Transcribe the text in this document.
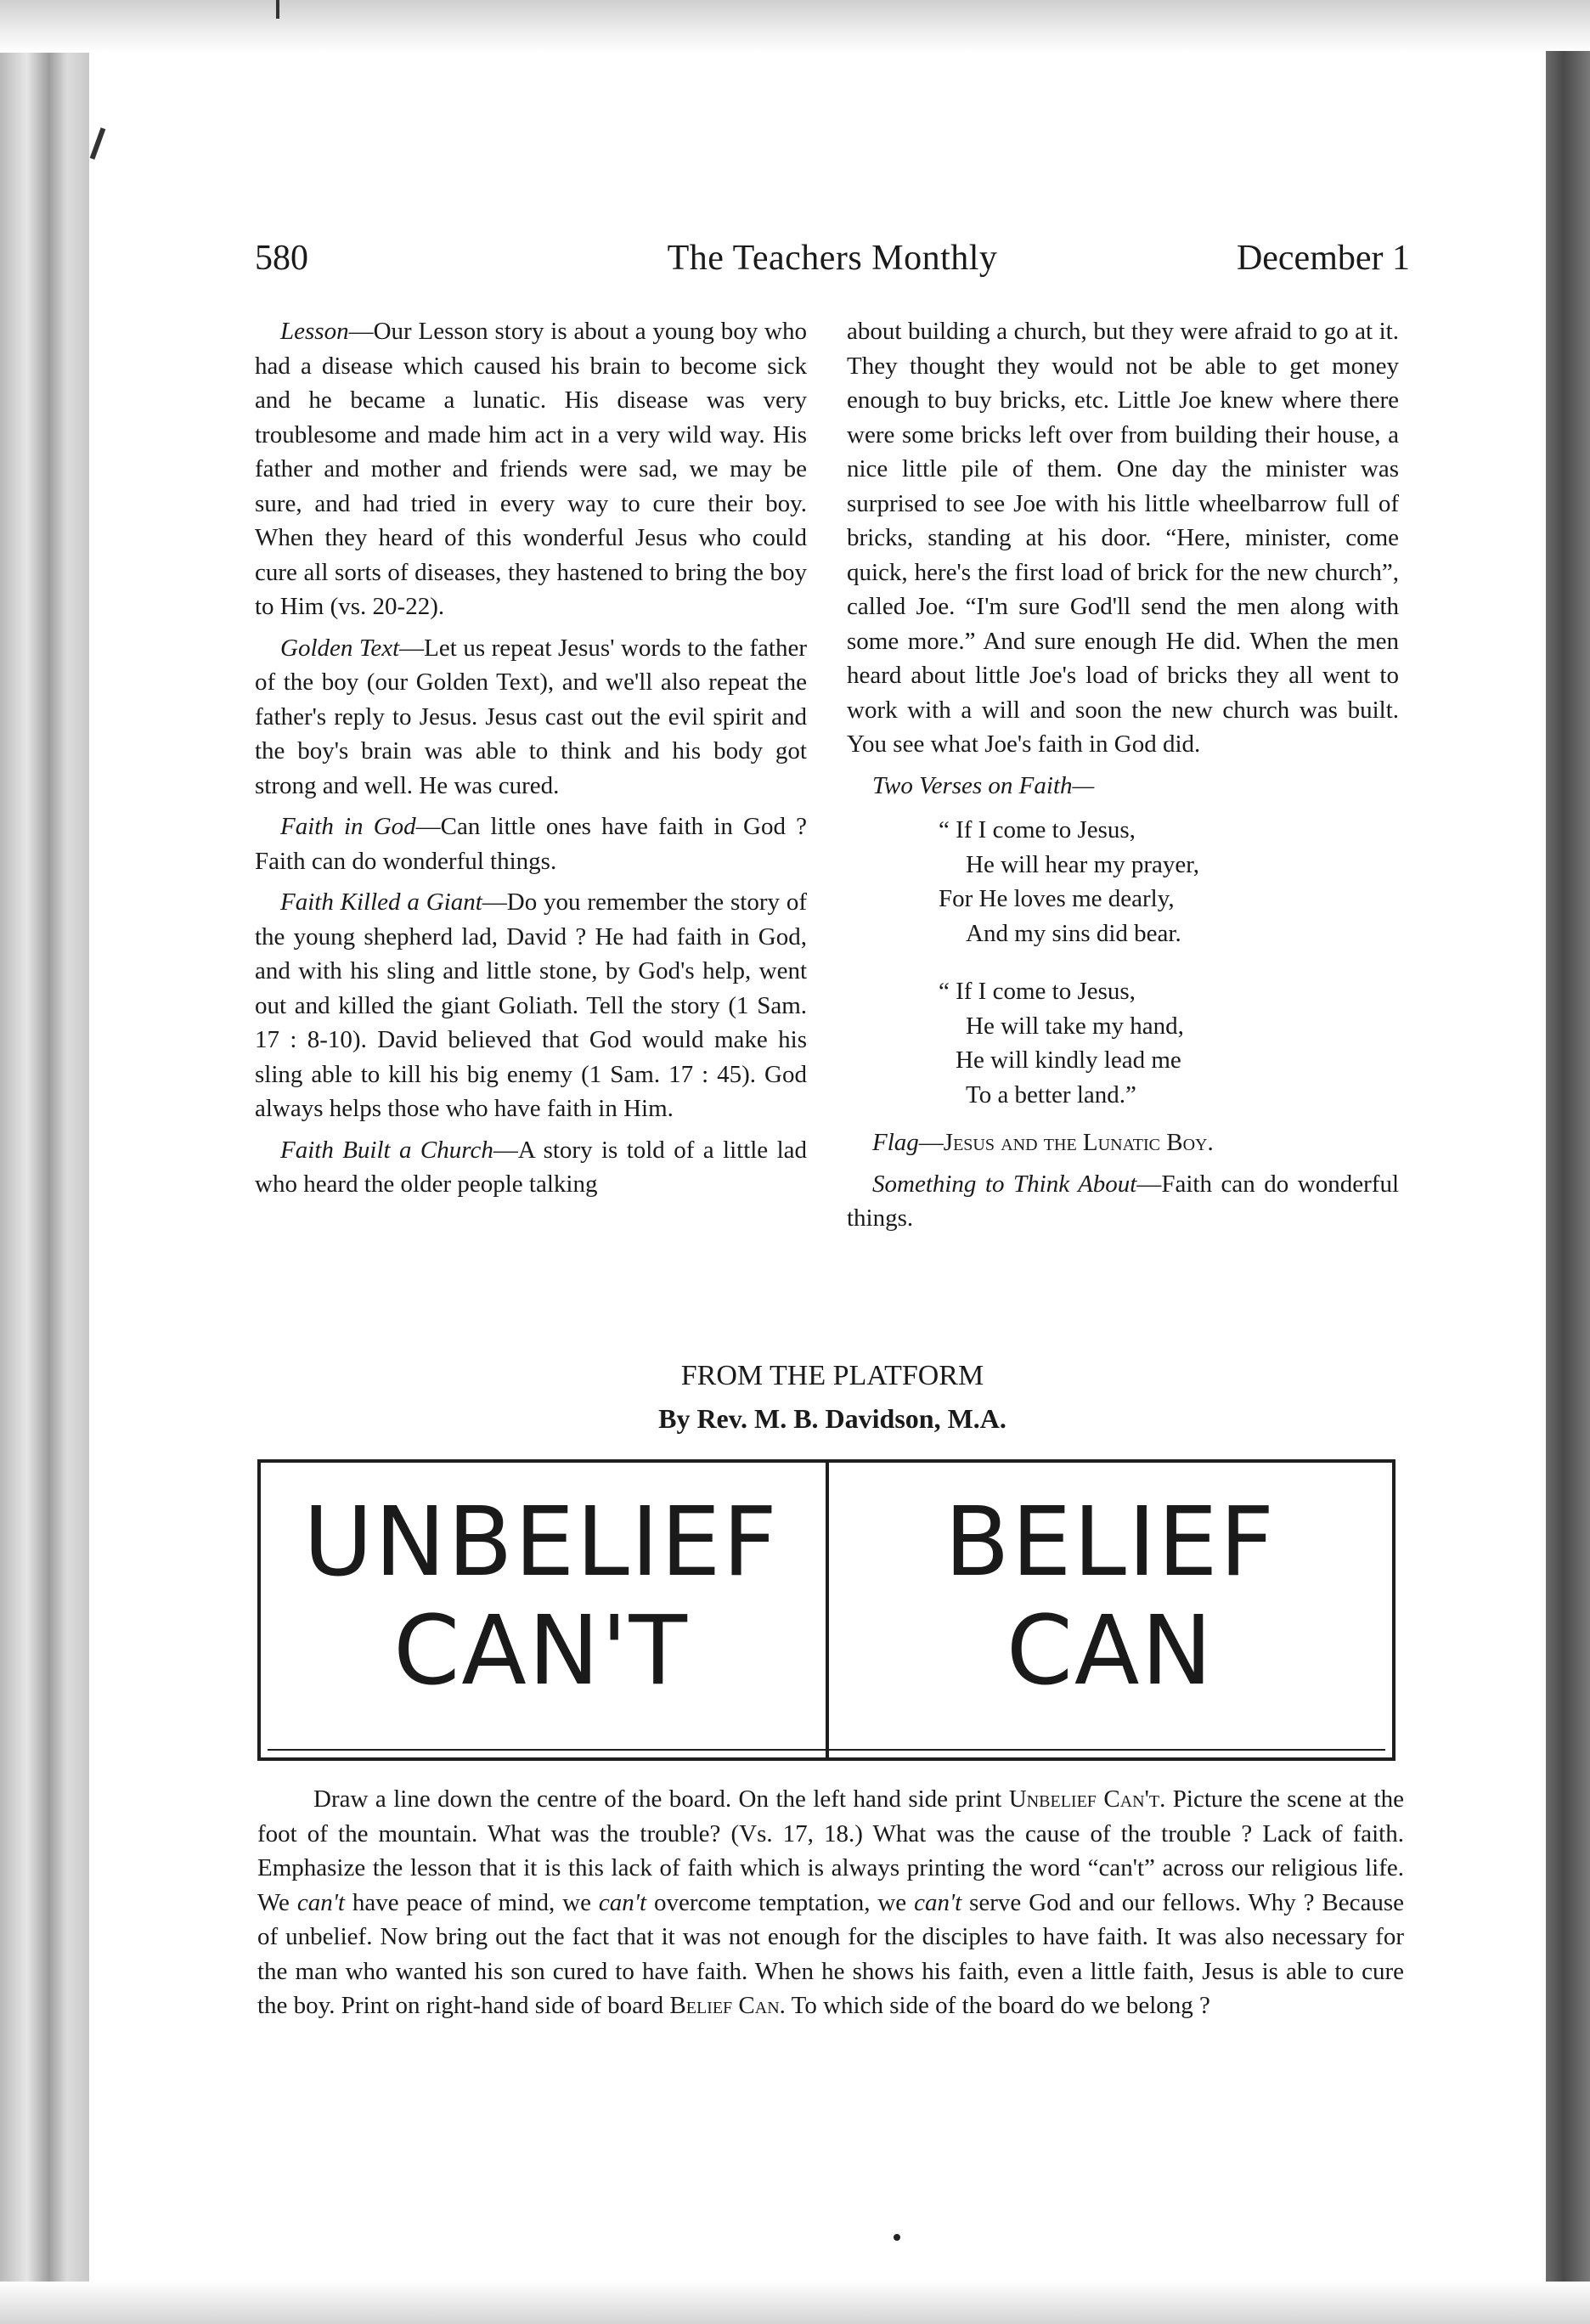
580	The Teachers Monthly	December 1

Lesson—Our Lesson story is about a young boy who had a disease which caused his brain to become sick and he became a lunatic. His disease was very troublesome and made him act in a very wild way. His father and mother and friends were sad, we may be sure, and had tried in every way to cure their boy. When they heard of this wonderful Jesus who could cure all sorts of diseases, they hastened to bring the boy to Him (vs. 20-22).

Golden Text—Let us repeat Jesus' words to the father of the boy (our Golden Text), and we'll also repeat the father's reply to Jesus. Jesus cast out the evil spirit and the boy's brain was able to think and his body got strong and well. He was cured.

Faith in God—Can little ones have faith in God ? Faith can do wonderful things.

Faith Killed a Giant—Do you remember the story of the young shepherd lad, David ? He had faith in God, and with his sling and little stone, by God's help, went out and killed the giant Goliath. Tell the story (1 Sam. 17 : 8-10). David believed that God would make his sling able to kill his big enemy (1 Sam. 17 : 45). God always helps those who have faith in Him.

Faith Built a Church—A story is told of a little lad who heard the older people talking

about building a church, but they were afraid to go at it. They thought they would not be able to get money enough to buy bricks, etc. Little Joe knew where there were some bricks left over from building their house, a nice little pile of them. One day the minister was surprised to see Joe with his little wheelbarrow full of bricks, standing at his door. “Here, minister, come quick, here's the first load of brick for the new church”, called Joe. “I'm sure God'll send the men along with some more.” And sure enough He did. When the men heard about little Joe's load of bricks they all went to work with a will and soon the new church was built. You see what Joe's faith in God did.

Two Verses on Faith—

“ If I come to Jesus,
He will hear my prayer,
For He loves me dearly,
And my sins did bear.
“ If I come to Jesus,
He will take my hand,
He will kindly lead me
To a better land.”

Flag—Jesus and the Lunatic Boy.

Something to Think About—Faith can do wonderful things.

FROM THE PLATFORM
By Rev. M. B. Davidson, M.A.
UNBELIEF
CAN'T
BELIEF
CAN

Draw a line down the centre of the board. On the left hand side print Unbelief Can't. Picture the scene at the foot of the mountain. What was the trouble? (Vs. 17, 18.) What was the cause of the trouble ? Lack of faith. Emphasize the lesson that it is this lack of faith which is always printing the word “can't” across our religious life. We can't have peace of mind, we can't overcome temptation, we can't serve God and our fellows. Why ? Because of unbelief. Now bring out the fact that it was not enough for the disciples to have faith. It was also necessary for the man who wanted his son cured to have faith. When he shows his faith, even a little faith, Jesus is able to cure the boy. Print on right-hand side of board Belief Can. To which side of the board do we belong ?
